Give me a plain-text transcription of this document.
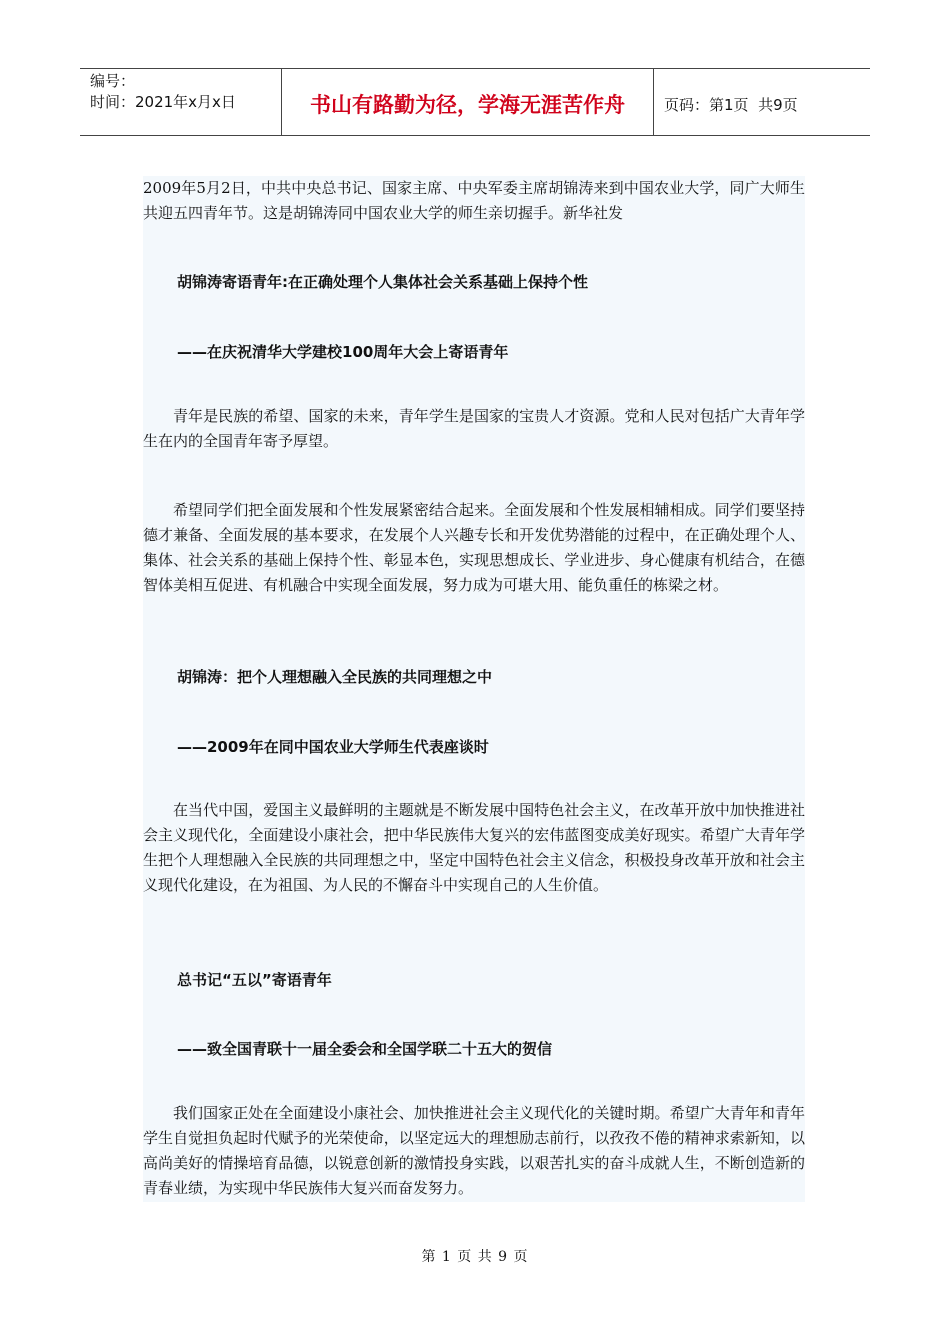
编号：
时间：2021年x月x日	书山有路勤为径，学海无涯苦作舟	页码：第1页  共9页

2009年5月2日，中共中央总书记、国家主席、中央军委主席胡锦涛来到中国农业大学，同广大师生共迎五四青年节。这是胡锦涛同中国农业大学的师生亲切握手。新华社发

胡锦涛寄语青年:在正确处理个人集体社会关系基础上保持个性

——在庆祝清华大学建校100周年大会上寄语青年

青年是民族的希望、国家的未来，青年学生是国家的宝贵人才资源。党和人民对包括广大青年学生在内的全国青年寄予厚望。

希望同学们把全面发展和个性发展紧密结合起来。全面发展和个性发展相辅相成。同学们要坚持德才兼备、全面发展的基本要求，在发展个人兴趣专长和开发优势潜能的过程中，在正确处理个人、集体、社会关系的基础上保持个性、彰显本色，实现思想成长、学业进步、身心健康有机结合，在德智体美相互促进、有机融合中实现全面发展，努力成为可堪大用、能负重任的栋梁之材。

胡锦涛：把个人理想融入全民族的共同理想之中

——2009年在同中国农业大学师生代表座谈时

在当代中国，爱国主义最鲜明的主题就是不断发展中国特色社会主义，在改革开放中加快推进社会主义现代化，全面建设小康社会，把中华民族伟大复兴的宏伟蓝图变成美好现实。希望广大青年学生把个人理想融入全民族的共同理想之中，坚定中国特色社会主义信念，积极投身改革开放和社会主义现代化建设，在为祖国、为人民的不懈奋斗中实现自己的人生价值。

总书记“五以”寄语青年

——致全国青联十一届全委会和全国学联二十五大的贺信

我们国家正处在全面建设小康社会、加快推进社会主义现代化的关键时期。希望广大青年和青年学生自觉担负起时代赋予的光荣使命，以坚定远大的理想励志前行，以孜孜不倦的精神求索新知，以高尚美好的情操培育品德，以锐意创新的激情投身实践，以艰苦扎实的奋斗成就人生，不断创造新的青春业绩，为实现中华民族伟大复兴而奋发努力。

第 1 页 共 9 页
